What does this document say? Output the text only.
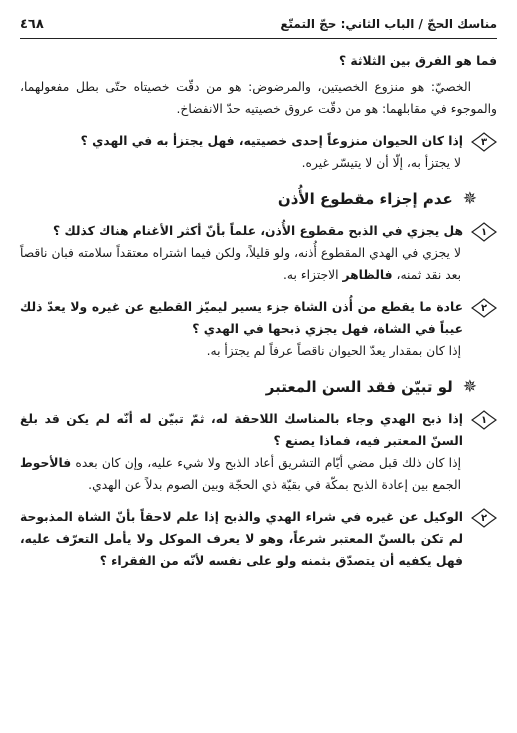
مناسك الحجّ / الباب الثاني: حجّ التمتّع
٤٦٨

فما هو الفرق بين الثلاثة ؟

الخصيّ: هو منزوع الخصيتين، والمرضوض: هو من دقّت خصيتاه حتّى بطل مفعولهما، والموجوء في مقابلهما: هو من دقّت عروق خصيتيه حدّ الانفضاخ.

٣

إذا كان الحيوان منزوعاً إحدى خصيتيه، فهل يجتزأ به في الهدي ؟

لا يجتزأ به، إلّا أن لا يتيسّر غيره.

✵
عدم إجزاء مقطوع الأُذن
١

هل يجزي في الذبح مقطوع الأُذن، علماً بأنّ أكثر الأغنام هناك كذلك ؟

لا يجزي في الهدي المقطوع أُذنه، ولو قليلاً، ولكن فيما اشتراه معتقداً سلامته فبان ناقصاً بعد نقد ثمنه، فالظاهر الاجتزاء به.

٢

عادة ما يقطع من أُذن الشاة جزء يسير ليميّز القطيع عن غيره ولا يعدّ ذلك عيباً في الشاة، فهل يجزي ذبحها في الهدي ؟

إذا كان بمقدار يعدّ الحيوان ناقصاً عرفاً لم يجتزأ به.

✵
لو تبيّن فقد السن المعتبر
١

إذا ذبح الهدي وجاء بالمناسك اللاحقة له، ثمّ تبيّن له أنّه لم يكن قد بلغ السنّ المعتبر فيه، فماذا يصنع ؟

إذا كان ذلك قبل مضي أيّام التشريق أعاد الذبح ولا شيء عليه، وإن كان بعده فالأحوط الجمع بين إعادة الذبح بمكّة في بقيّة ذي الحجّة وبين الصوم بدلاً عن الهدي.

٢

الوكيل عن غيره في شراء الهدي والذبح إذا علم لاحقاً بأنّ الشاة المذبوحة لم تكن بالسنّ المعتبر شرعاً، وهو لا يعرف الموكل ولا يأمل التعرّف عليه، فهل يكفيه أن يتصدّق بثمنه ولو على نفسه لأنّه من الفقراء ؟
